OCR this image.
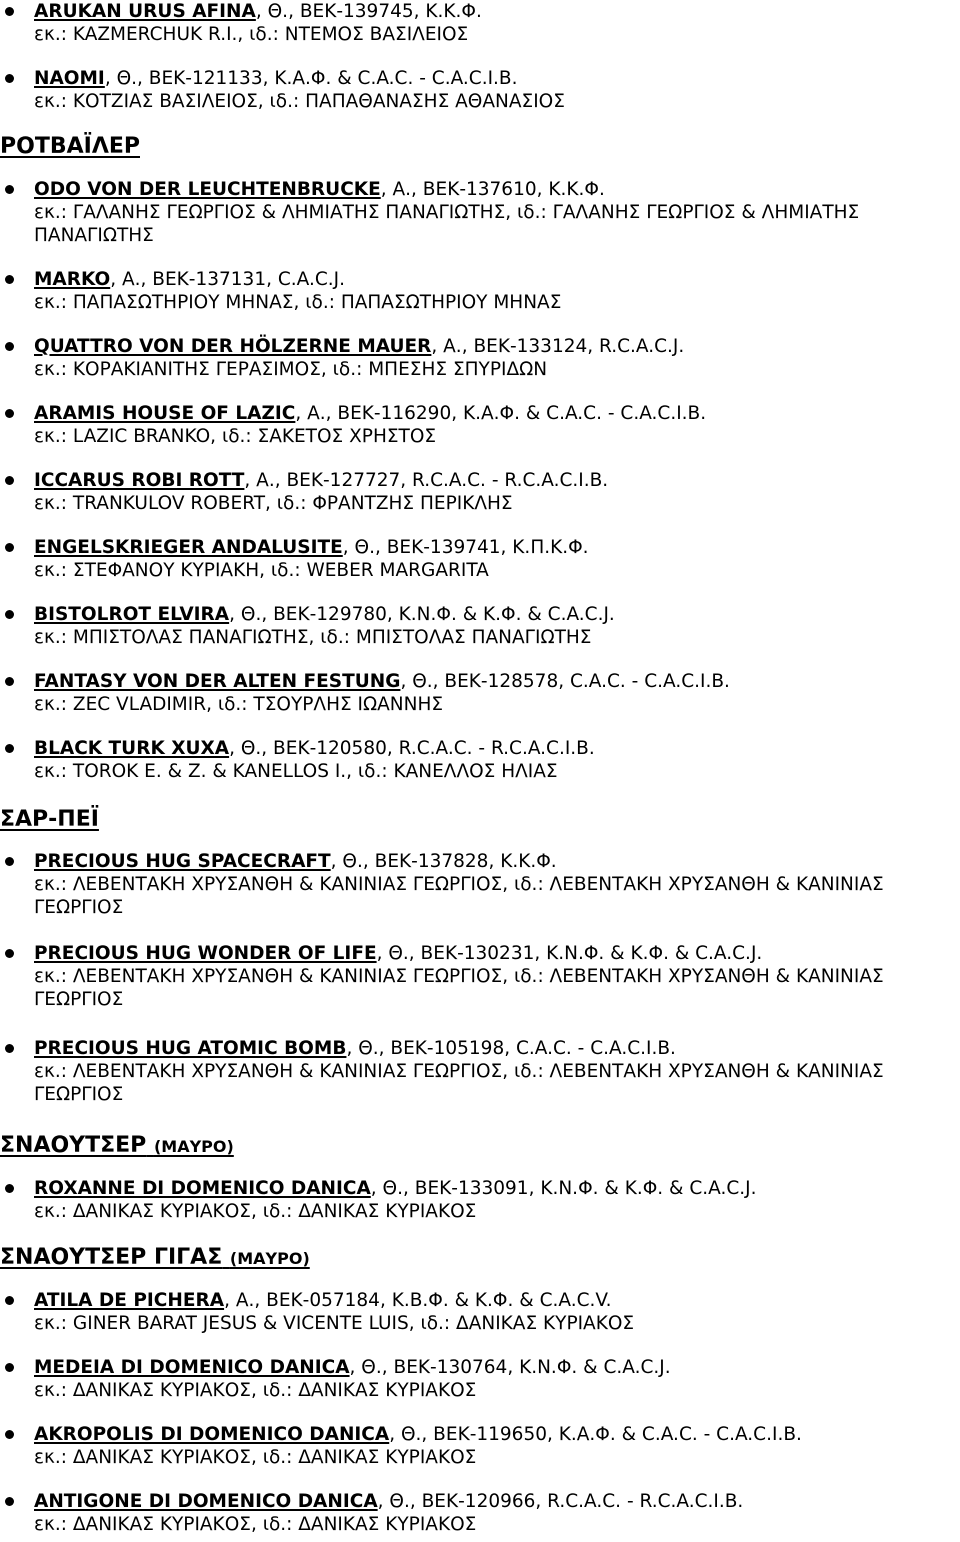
ARUKAN URUS AFINA, Θ., ΒΕΚ-139745, Κ.Κ.Φ.
εκ.: KAZMERCHUK R.I., ιδ.: ΝΤΕΜΟΣ ΒΑΣΙΛΕΙΟΣ
NAOMI, Θ., ΒΕΚ-121133, Κ.Α.Φ. & C.A.C. - C.A.C.I.B.
εκ.: ΚΟΤΖΙΑΣ ΒΑΣΙΛΕΙΟΣ, ιδ.: ΠΑΠΑΘΑΝΑΣΗΣ ΑΘΑΝΑΣΙΟΣ
ΡΟΤΒΑΪΛΕΡ
ODO VON DER LEUCHTENBRUCKE, Α., ΒΕΚ-137610, Κ.Κ.Φ.
εκ.: ΓΑΛΑΝΗΣ ΓΕΩΡΓΙΟΣ & ΛΗΜΙΑΤΗΣ ΠΑΝΑΓΙΩΤΗΣ, ιδ.: ΓΑΛΑΝΗΣ ΓΕΩΡΓΙΟΣ & ΛΗΜΙΑΤΗΣ ΠΑΝΑΓΙΩΤΗΣ
MARKO, Α., ΒΕΚ-137131, C.A.C.J.
εκ.: ΠΑΠΑΣΩΤΗΡΙΟΥ ΜΗΝΑΣ, ιδ.: ΠΑΠΑΣΩΤΗΡΙΟΥ ΜΗΝΑΣ
QUATTRO VON DER HÖLZERNE MAUER, Α., ΒΕΚ-133124, R.C.A.C.J.
εκ.: ΚΟΡΑΚΙΑΝΙΤΗΣ ΓΕΡΑΣΙΜΟΣ, ιδ.: ΜΠΕΣΗΣ ΣΠΥΡΙΔΩΝ
ARAMIS HOUSE OF LAZIC, Α., ΒΕΚ-116290, Κ.Α.Φ. & C.A.C. - C.A.C.I.B.
εκ.: LAZIC BRANKO, ιδ.: ΣΑΚΕΤΟΣ ΧΡΗΣΤΟΣ
ICCARUS ROBI ROTT, Α., ΒΕΚ-127727, R.C.A.C. - R.C.A.C.I.B.
εκ.: TRANKULOV ROBERT, ιδ.: ΦΡΑΝΤΖΗΣ ΠΕΡΙΚΛΗΣ
ENGELSKRIEGER ANDALUSITE, Θ., ΒΕΚ-139741, Κ.Π.Κ.Φ.
εκ.: ΣΤΕΦΑΝΟΥ ΚΥΡΙΑΚΗ, ιδ.: WEBER MARGARITA
BISTOLROT ELVIRA, Θ., ΒΕΚ-129780, Κ.Ν.Φ. & Κ.Φ. & C.A.C.J.
εκ.: ΜΠΙΣΤΟΛΑΣ ΠΑΝΑΓΙΩΤΗΣ, ιδ.: ΜΠΙΣΤΟΛΑΣ ΠΑΝΑΓΙΩΤΗΣ
FANTASY VON DER ALTEN FESTUNG, Θ., ΒΕΚ-128578, C.A.C. - C.A.C.I.B.
εκ.: ZEC VLADIMIR, ιδ.: ΤΣΟΥΡΛΗΣ ΙΩΑΝΝΗΣ
BLACK TURK XUXA, Θ., ΒΕΚ-120580, R.C.A.C. - R.C.A.C.I.B.
εκ.: TOROK E. & Z. & KANELLOS I., ιδ.: ΚΑΝΕΛΛΟΣ ΗΛΙΑΣ
ΣΑΡ-ΠΕΪ
PRECIOUS HUG SPACECRAFT, Θ., ΒΕΚ-137828, Κ.Κ.Φ.
εκ.: ΛΕΒΕΝΤΑΚΗ ΧΡΥΣΑΝΘΗ & ΚΑΝΙΝΙΑΣ ΓΕΩΡΓΙΟΣ, ιδ.: ΛΕΒΕΝΤΑΚΗ ΧΡΥΣΑΝΘΗ & ΚΑΝΙΝΙΑΣ ΓΕΩΡΓΙΟΣ
PRECIOUS HUG WONDER OF LIFE, Θ., ΒΕΚ-130231, Κ.Ν.Φ. & Κ.Φ. & C.A.C.J.
εκ.: ΛΕΒΕΝΤΑΚΗ ΧΡΥΣΑΝΘΗ & ΚΑΝΙΝΙΑΣ ΓΕΩΡΓΙΟΣ, ιδ.: ΛΕΒΕΝΤΑΚΗ ΧΡΥΣΑΝΘΗ & ΚΑΝΙΝΙΑΣ ΓΕΩΡΓΙΟΣ
PRECIOUS HUG ATOMIC BOMB, Θ., ΒΕΚ-105198, C.A.C. - C.A.C.I.B.
εκ.: ΛΕΒΕΝΤΑΚΗ ΧΡΥΣΑΝΘΗ & ΚΑΝΙΝΙΑΣ ΓΕΩΡΓΙΟΣ, ιδ.: ΛΕΒΕΝΤΑΚΗ ΧΡΥΣΑΝΘΗ & ΚΑΝΙΝΙΑΣ ΓΕΩΡΓΙΟΣ
ΣΝΑΟΥΤΣΕΡ (ΜΑΥΡΟ)
ROXANNE DI DOMENICO DANICA, Θ., ΒΕΚ-133091, Κ.Ν.Φ. & Κ.Φ. & C.A.C.J.
εκ.: ΔΑΝΙΚΑΣ ΚΥΡΙΑΚΟΣ, ιδ.: ΔΑΝΙΚΑΣ ΚΥΡΙΑΚΟΣ
ΣΝΑΟΥΤΣΕΡ ΓΙΓΑΣ (ΜΑΥΡΟ)
ATILA DE PICHERA, Α., ΒΕΚ-057184, Κ.Β.Φ. & Κ.Φ. & C.A.C.V.
εκ.: GINER BARAT JESUS & VICENTE LUIS, ιδ.: ΔΑΝΙΚΑΣ ΚΥΡΙΑΚΟΣ
MEDEIA DI DOMENICO DANICA, Θ., ΒΕΚ-130764, Κ.Ν.Φ. & C.A.C.J.
εκ.: ΔΑΝΙΚΑΣ ΚΥΡΙΑΚΟΣ, ιδ.: ΔΑΝΙΚΑΣ ΚΥΡΙΑΚΟΣ
AKROPOLIS DI DOMENICO DANICA, Θ., ΒΕΚ-119650, Κ.Α.Φ. & C.A.C. - C.A.C.I.B.
εκ.: ΔΑΝΙΚΑΣ ΚΥΡΙΑΚΟΣ, ιδ.: ΔΑΝΙΚΑΣ ΚΥΡΙΑΚΟΣ
ANTIGONE DI DOMENICO DANICA, Θ., ΒΕΚ-120966, R.C.A.C. - R.C.A.C.I.B.
εκ.: ΔΑΝΙΚΑΣ ΚΥΡΙΑΚΟΣ, ιδ.: ΔΑΝΙΚΑΣ ΚΥΡΙΑΚΟΣ
